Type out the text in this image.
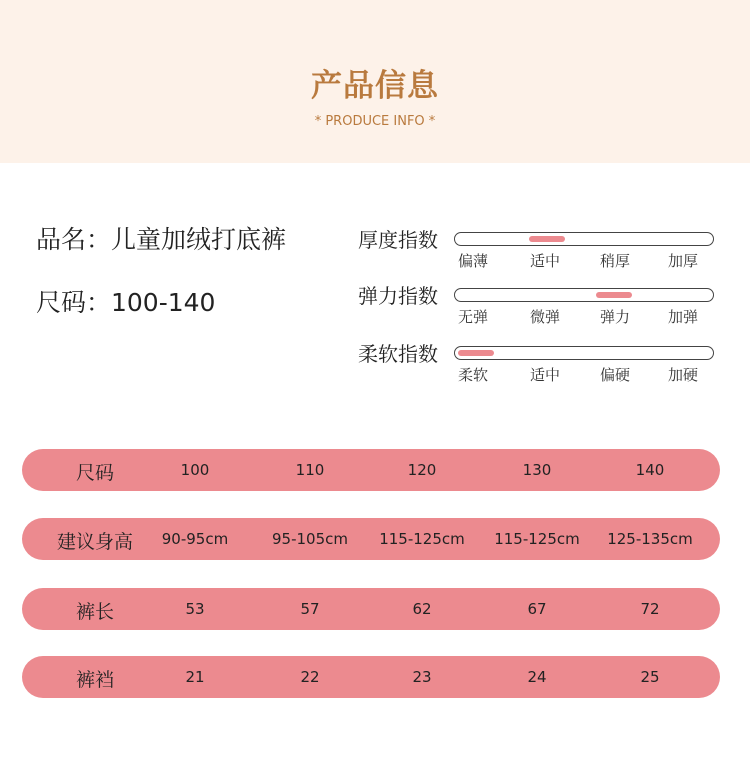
产品信息
* PRODUCE INFO *
品名：儿童加绒打底裤
尺码：100-140
厚度指数
偏薄	适中	稍厚	加厚
弹力指数
无弹	微弹	弹力	加弹
柔软指数
柔软	适中	偏硬	加硬
尺码	100	110	120	130	140
建议身高	90-95cm	95-105cm	115-125cm	115-125cm	125-135cm
裤长	53	57	62	67	72
裤裆	21	22	23	24	25
